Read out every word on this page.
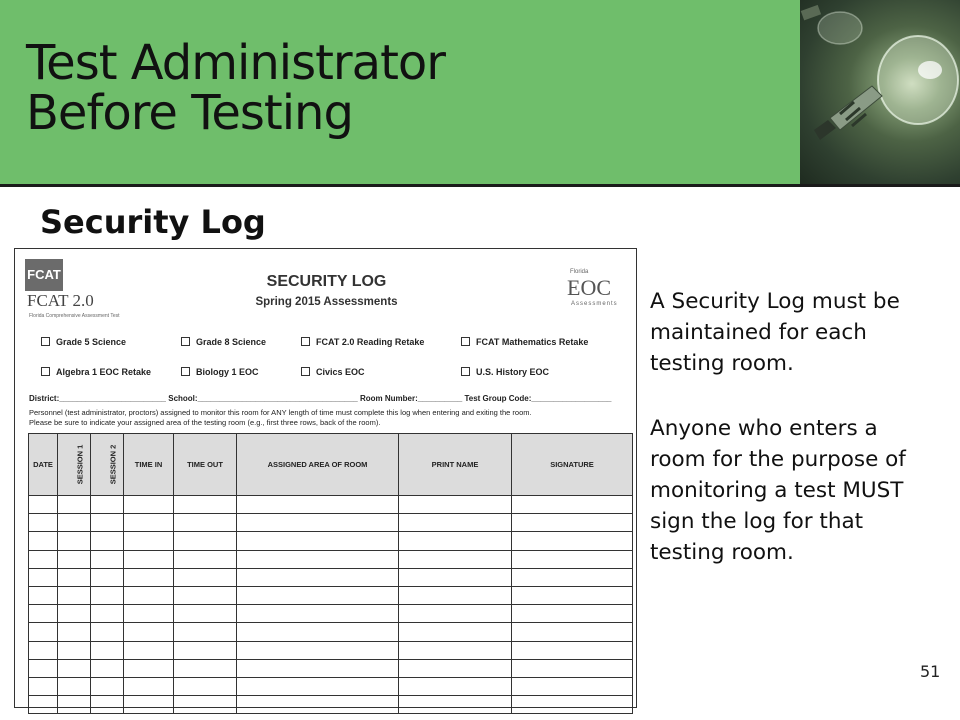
Test Administrator
Before Testing
Security Log
FCAT
FCAT 2.0
Florida Comprehensive Assessment Test
Florida
EOC
Assessments
SECURITY LOG
Spring 2015 Assessments
Grade 5 Science	Grade 8 Science	FCAT 2.0 Reading Retake	FCAT Mathematics Retake
Algebra 1 EOC Retake	Biology 1 EOC	Civics EOC	U.S. History EOC
District:________________________ School:____________________________________ Room Number:__________ Test Group Code:__________________
Personnel (test administrator, proctors) assigned to monitor this room for ANY length of time must complete this log when entering and exiting the room.
Please be sure to indicate your assigned area of the testing room (e.g., first three rows, back of the room).
DATE	SESSION 1	SESSION 2	TIME IN	TIME OUT	ASSIGNED AREA OF ROOM	PRINT NAME	SIGNATURE

A Security Log must be maintained for each testing room.

Anyone who enters a room for the purpose of monitoring a test MUST sign the log for that testing room.

51
